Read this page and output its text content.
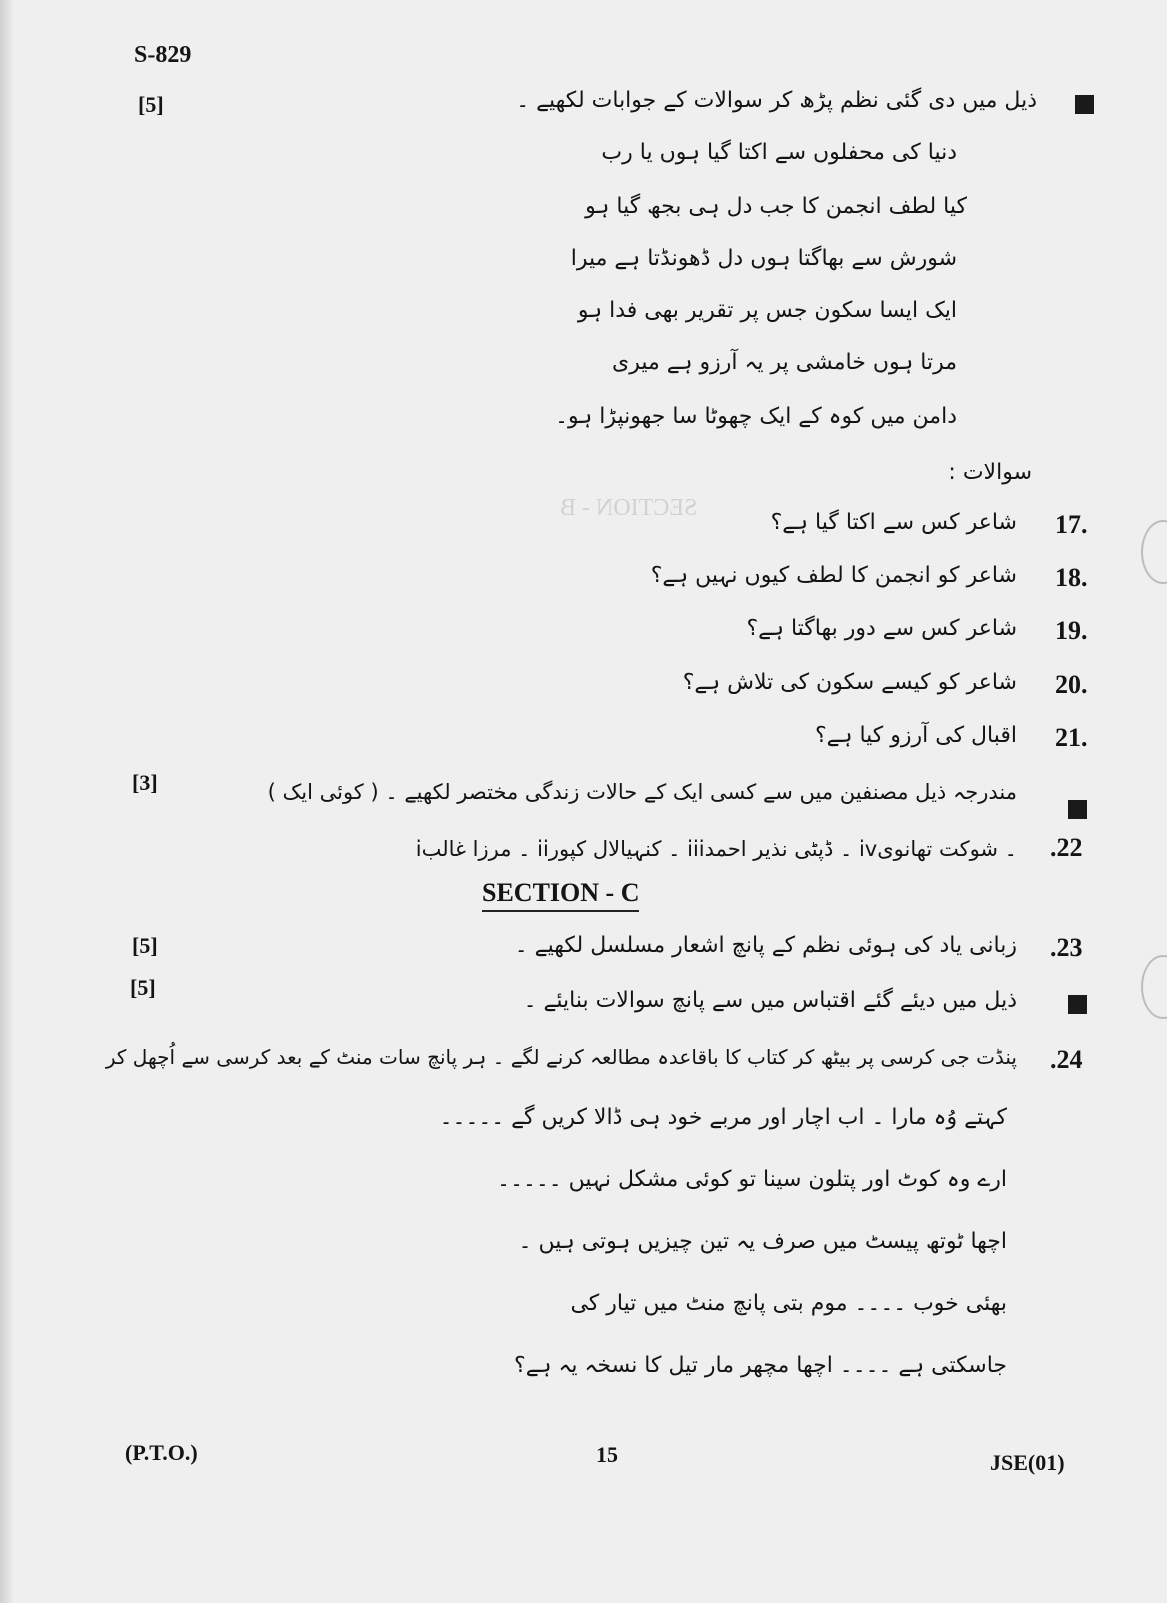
SECTION - B
S-829
[5]	ذیل میں دی گئی نظم پڑھ کر سوالات کے جوابات لکھیے ۔
دنیا کی محفلوں سے اکتا گیا ہوں یا رب
کیا لطف انجمن کا جب دل ہی بجھ گیا ہو
شورش سے بھاگتا ہوں دل ڈھونڈتا ہے میرا
ایک ایسا سکون جس پر تقریر بھی فدا ہو
مرتا ہوں خامشی پر یہ آرزو ہے میری
دامن میں کوہ کے ایک چھوٹا سا جھونپڑا ہو۔
سوالات :
17.
شاعر کس سے اکتا گیا ہے؟
18.
شاعر کو انجمن کا لطف کیوں نہیں ہے؟
19.
شاعر کس سے دور بھاگتا ہے؟
20.
شاعر کو کیسے سکون کی تلاش ہے؟
21.
اقبال کی آرزو کیا ہے؟
[3]	مندرجہ ذیل مصنفین میں سے کسی ایک کے حالات زندگی مختصر لکھیے ۔ ( کوئی ایک )
.22
i۔ مرزا غالب ii۔ کنہیالال کپور iii۔ ڈپٹی نذیر احمد iv۔ شوکت تھانوی
SECTION - C
[5]	.23
زبانی یاد کی ہوئی نظم کے پانچ اشعار مسلسل لکھیے ۔
[5]
ذیل میں دیئے گئے اقتباس میں سے پانچ سوالات بنایئے ۔
.24
پنڈت جی کرسی پر بیٹھ کر کتاب کا باقاعدہ مطالعہ کرنے لگے ۔ ہر پانچ سات منٹ کے بعد کرسی سے اُچھل کر
کہتے وُہ مارا ۔ اب اچار اور مربے خود ہی ڈالا کریں گے ۔۔۔۔۔
ارے وہ کوٹ اور پتلون سینا تو کوئی مشکل نہیں ۔۔۔۔۔
اچھا ٹوتھ پیسٹ میں صرف یہ تین چیزیں ہوتی ہیں ۔
بھئی خوب ۔۔۔۔ موم بتی پانچ منٹ میں تیار کی
جاسکتی ہے ۔۔۔۔ اچھا مچھر مار تیل کا نسخہ یہ ہے؟
(P.T.O.)	15	JSE(01)
